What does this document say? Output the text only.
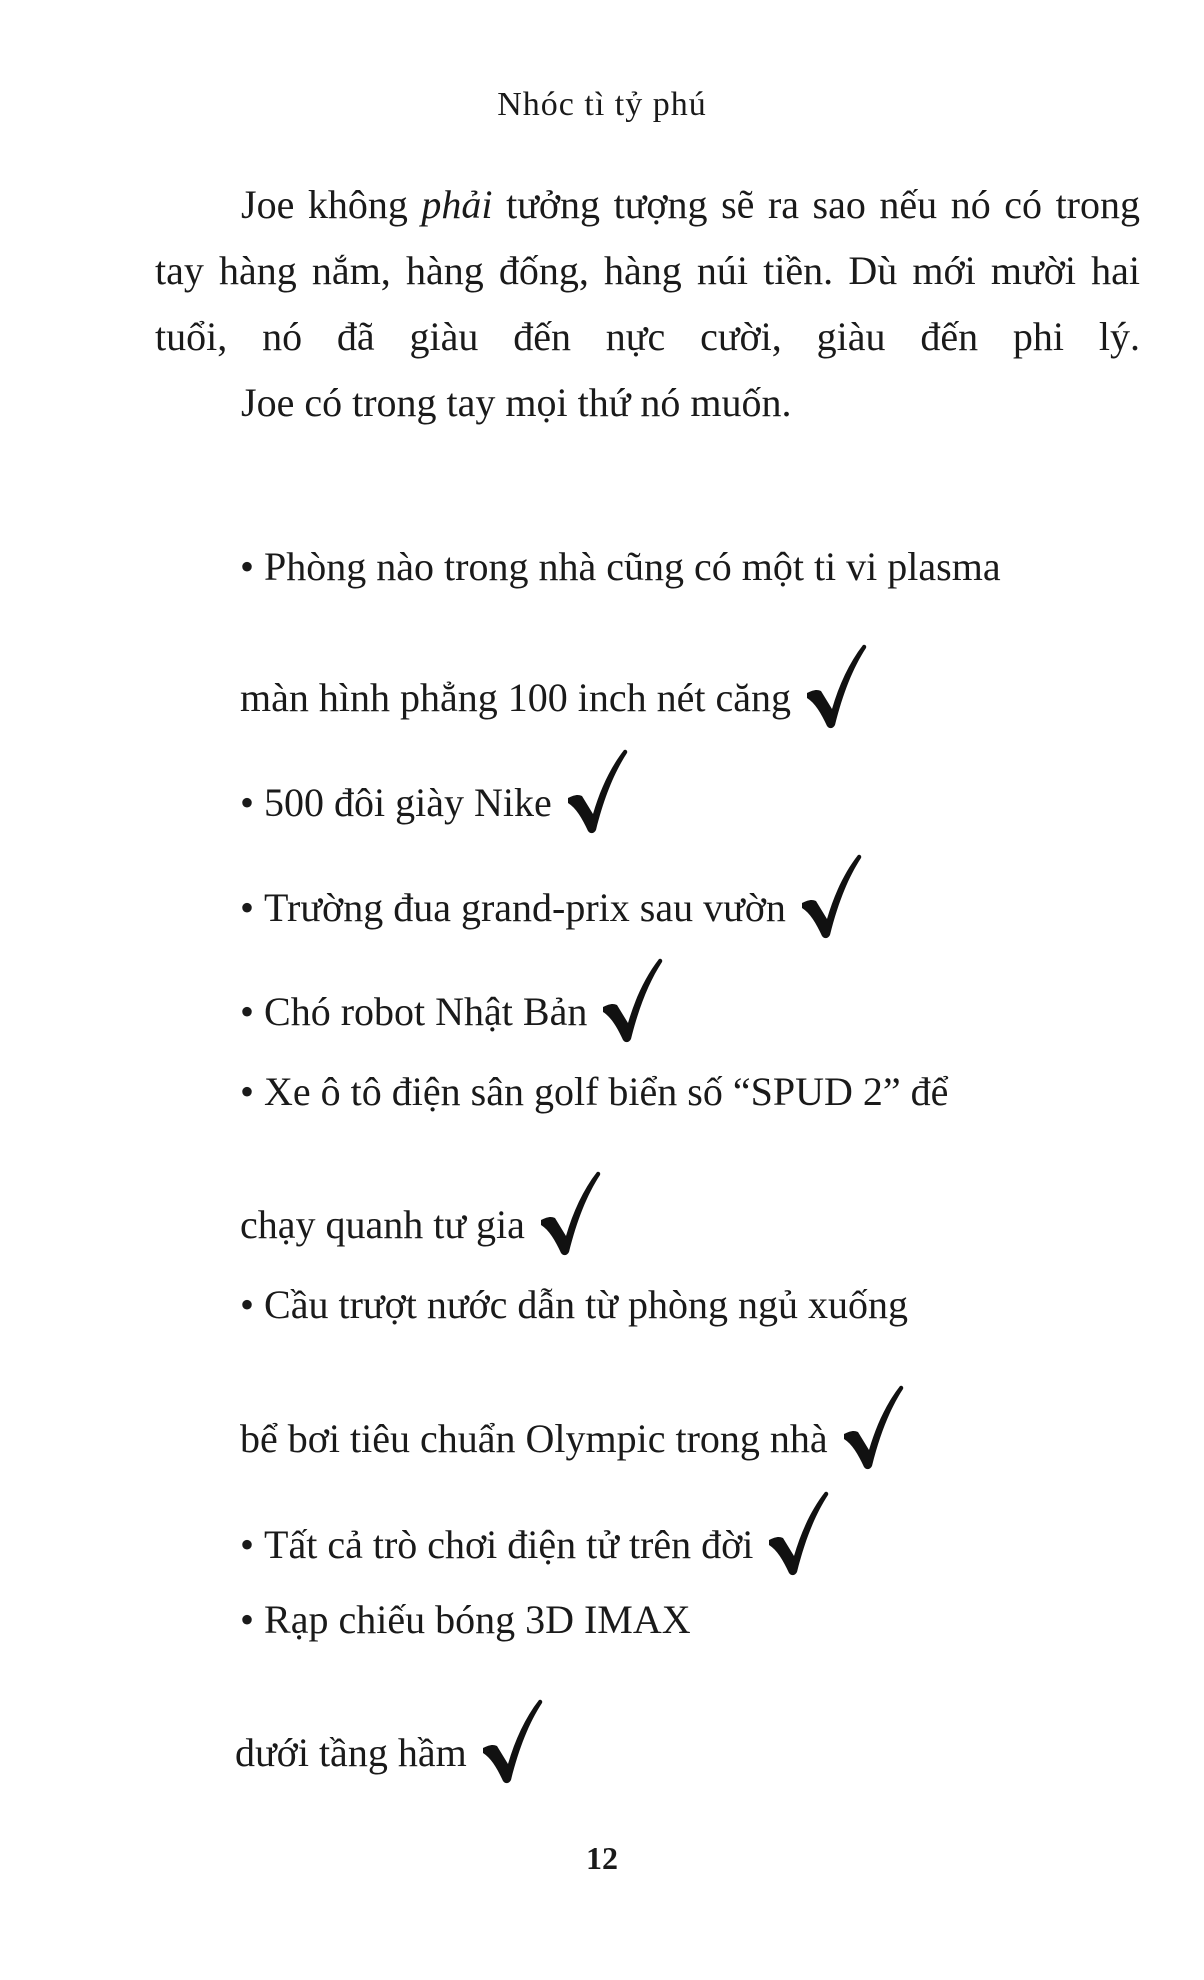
Nhóc tì tỷ phú

Joe không phải tưởng tượng sẽ ra sao nếu nó có trong tay hàng nắm, hàng đống, hàng núi tiền. Dù mới mười hai tuổi, nó đã giàu đến nực cười, giàu đến phi lý.

Joe có trong tay mọi thứ nó muốn.

• Phòng nào trong nhà cũng có một ti vi plasma
màn hình phẳng 100 inch nét căng
• 500 đôi giày Nike
• Trường đua grand-prix sau vườn
• Chó robot Nhật Bản
• Xe ô tô điện sân golf biển số “SPUD 2” để
chạy quanh tư gia
• Cầu trượt nước dẫn từ phòng ngủ xuống
bể bơi tiêu chuẩn Olympic trong nhà
• Tất cả trò chơi điện tử trên đời
• Rạp chiếu bóng 3D IMAX
dưới tầng hầm
12
